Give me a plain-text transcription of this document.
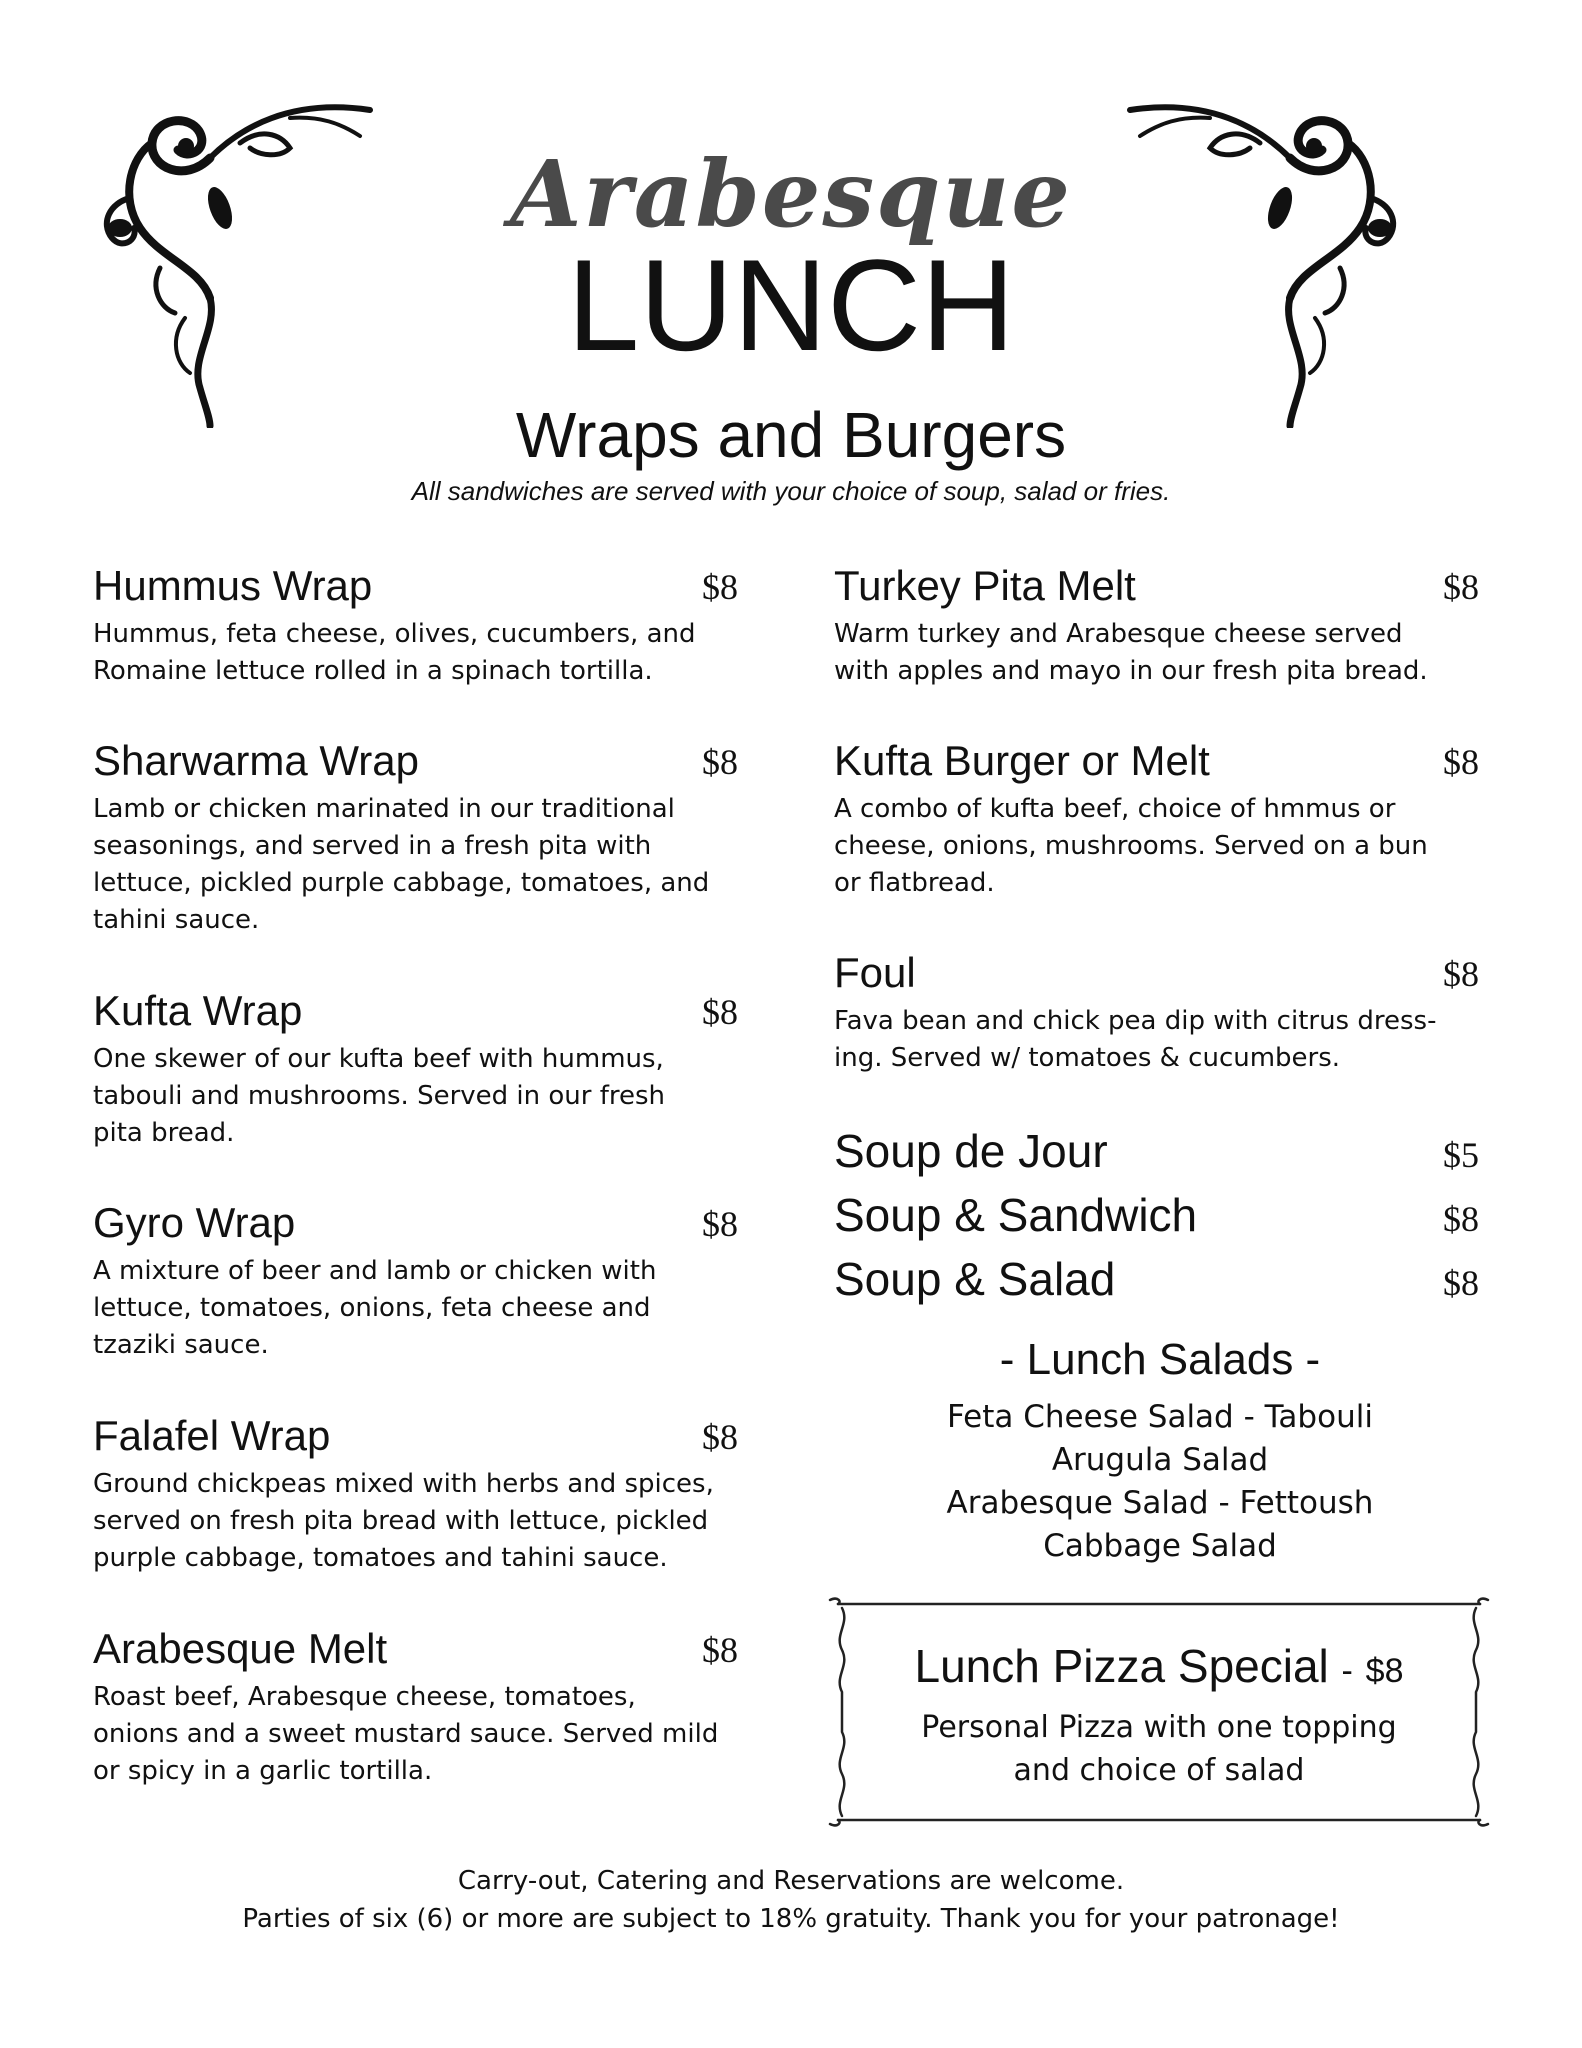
Arabesque
LUNCH
Wraps and Burgers
All sandwiches are served with your choice of soup, salad or fries.
Hummus Wrap	$8
Hummus, feta cheese, olives, cucumbers, and
Romaine lettuce rolled in a spinach tortilla.
Sharwarma Wrap	$8
Lamb or chicken marinated in our traditional
seasonings, and served in a fresh pita with
lettuce, pickled purple cabbage, tomatoes, and
tahini sauce.
Kufta Wrap	$8
One skewer of our kufta beef with hummus,
tabouli and mushrooms. Served in our fresh
pita bread.
Gyro Wrap	$8
A mixture of beer and lamb or chicken with
lettuce, tomatoes, onions, feta cheese and
tzaziki sauce.
Falafel Wrap	$8
Ground chickpeas mixed with herbs and spices,
served on fresh pita bread with lettuce, pickled
purple cabbage, tomatoes and tahini sauce.
Arabesque Melt	$8
Roast beef, Arabesque cheese, tomatoes,
onions and a sweet mustard sauce. Served mild
or spicy in a garlic tortilla.
Turkey Pita Melt	$8
Warm turkey and Arabesque cheese served
with apples and mayo in our fresh pita bread.
Kufta Burger or Melt	$8
A combo of kufta beef, choice of hmmus or
cheese, onions, mushrooms. Served on a bun
or flatbread.
Foul	$8
Fava bean and chick pea dip with citrus dress-
ing. Served w/ tomatoes & cucumbers.
Soup de Jour	$5
Soup & Sandwich	$8
Soup & Salad	$8
- Lunch Salads -
Feta Cheese Salad - Tabouli
Arugula Salad
Arabesque Salad - Fettoush
Cabbage Salad
Lunch Pizza Special - $8
Personal Pizza with one topping
and choice of salad
Carry-out, Catering and Reservations are welcome.
Parties of six (6) or more are subject to 18% gratuity. Thank you for your patronage!
